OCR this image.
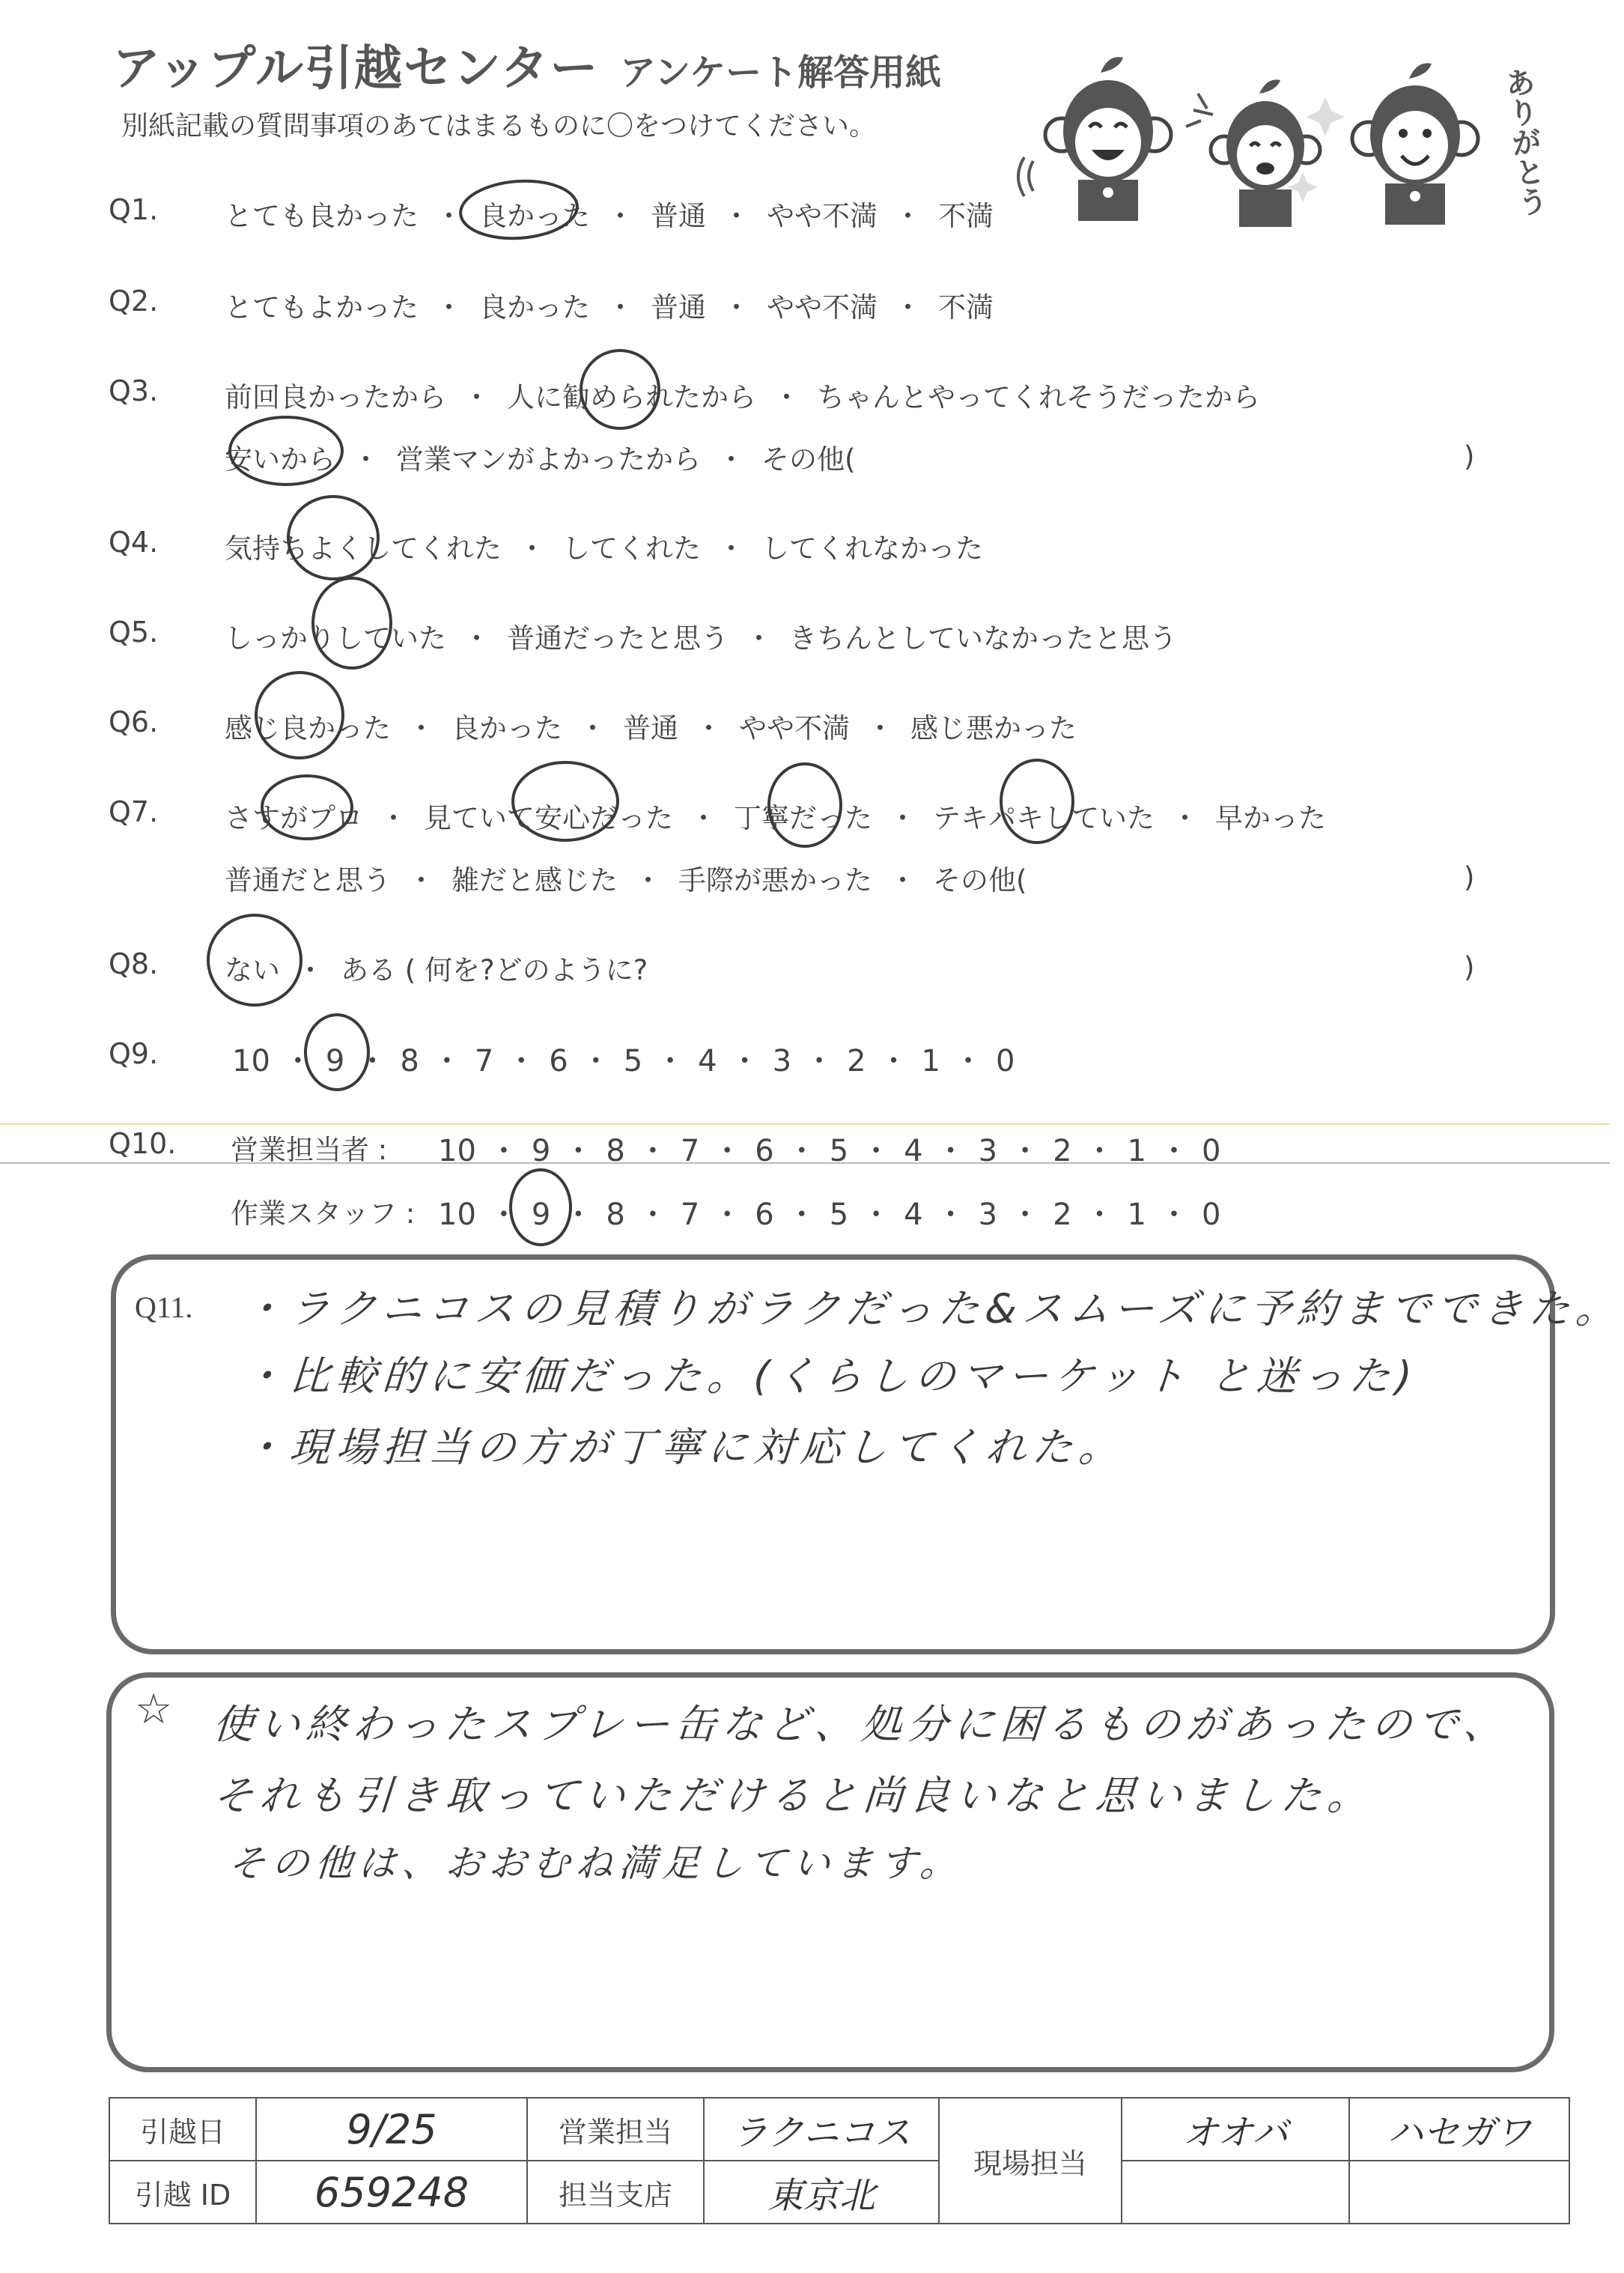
アップル引越センター アンケート解答用紙
別紙記載の質問事項のあてはまるものに〇をつけてください。	ありがとう
Q1. とても良かった ・ 良かった ・ 普通 ・ やや不満 ・ 不満
Q2. とてもよかった ・ 良かった ・ 普通 ・ やや不満 ・ 不満
Q3. 前回良かったから ・ 人に勧められたから ・ ちゃんとやってくれそうだったから
安いから ・ 営業マンがよかったから ・ その他(	)
Q4. 気持ちよくしてくれた ・ してくれた ・ してくれなかった
Q5. しっかりしていた ・ 普通だったと思う ・ きちんとしていなかったと思う
Q6. 感じ良かった ・ 良かった ・ 普通 ・ やや不満 ・ 感じ悪かった
Q7. さすがプロ ・ 見ていて安心だった ・ 丁寧だった ・ テキパキしていた ・ 早かった
普通だと思う ・ 雑だと感じた ・ 手際が悪かった ・ その他(	)
Q8. ない ・ ある ( 何を?どのように?	)
Q9. 10 ・ 9 ・ 8 ・ 7 ・ 6 ・ 5 ・ 4 ・ 3 ・ 2 ・ 1 ・ 0
Q10. 営業担当者 : 10 ・ 9 ・ 8 ・ 7 ・ 6 ・ 5 ・ 4 ・ 3 ・ 2 ・ 1 ・ 0
作業スタッフ : 10 ・ 9 ・ 8 ・ 7 ・ 6 ・ 5 ・ 4 ・ 3 ・ 2 ・ 1 ・ 0
Q11. ・ラクニコスの見積りがラクだった&スムーズに予約までできた。
・比較的に安価だった。(くらしのマーケット と迷った)
・現場担当の方が丁寧に対応してくれた。
☆ 使い終わったスプレー缶など、処分に困るものがあったので、
それも引き取っていただけると尚良いなと思いました。
その他は、おおむね満足しています。
引越日	9/25	営業担当	ラクニコス	現場担当	オオバ	ハセガワ
引越 ID	659248	担当支店	東京北			
